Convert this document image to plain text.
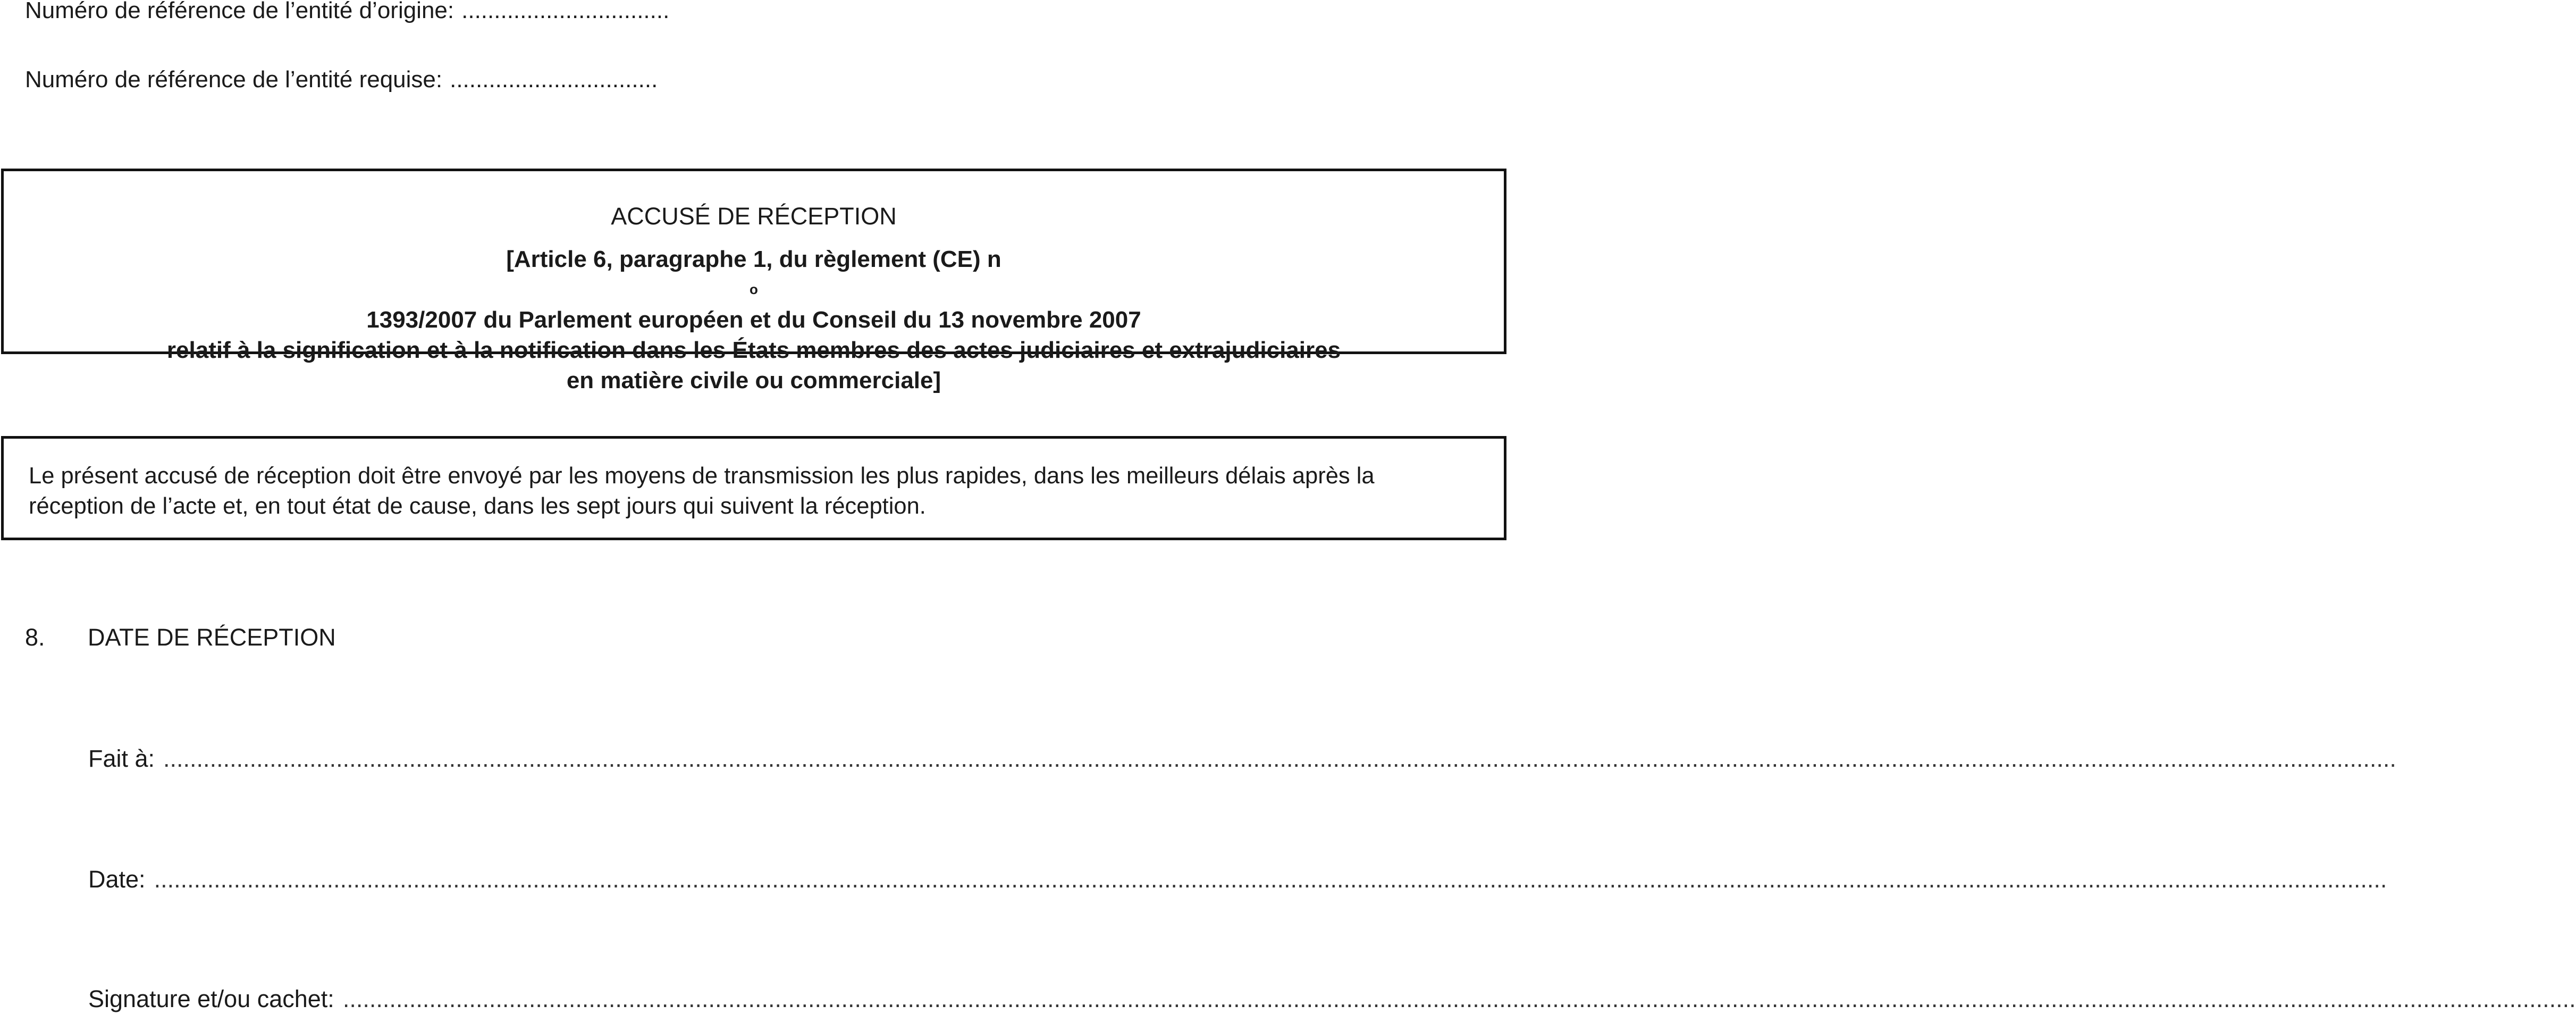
Numéro de référence de l’entité d’origine: ................................
Numéro de référence de l’entité requise: ................................
ACCUSÉ DE RÉCEPTION
[Article 6, paragraphe 1, du règlement (CE) n
o
1393/2007 du Parlement européen et du Conseil du 13 novembre 2007
relatif à la signification et à la notification dans les États membres des actes judiciaires et extrajudiciaires
en matière civile ou commerciale]
Le présent accusé de réception doit être envoyé par les moyens de transmission les plus rapides, dans les meilleurs délais après la
réception de l’acte et, en tout état de cause, dans les sept jours qui suivent la réception.
8. DATE DE RÉCEPTION
Fait à: ................................................................................................................................................................................................................................................................................................................................................
Date: ................................................................................................................................................................................................................................................................................................................................................
Signature et/ou cachet: ................................................................................................................................................................................................................................................................................................................................................
